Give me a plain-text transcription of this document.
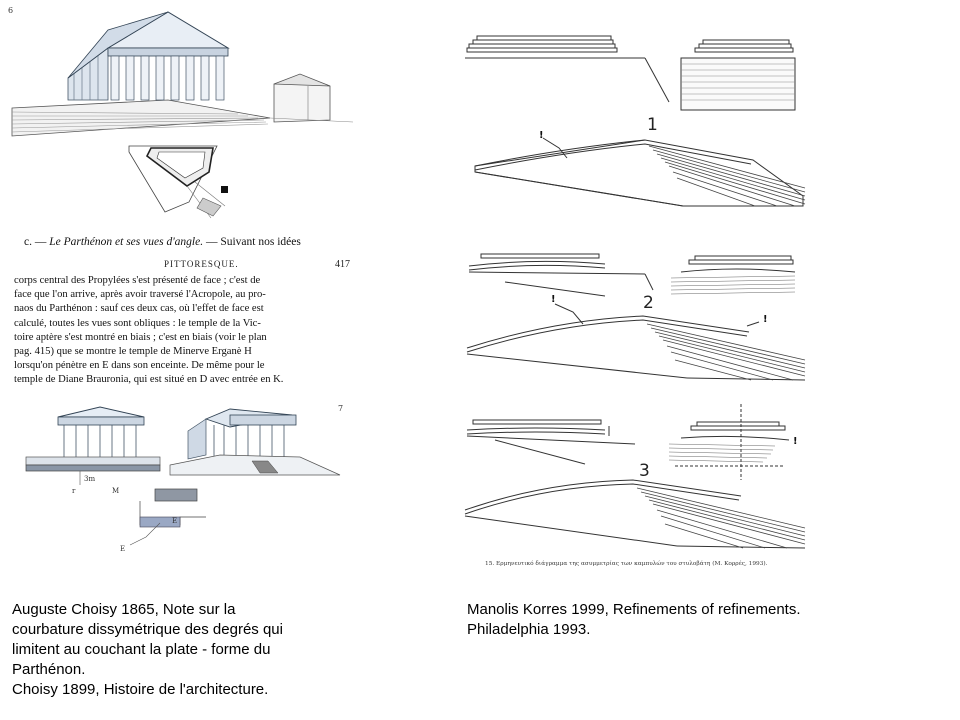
6
c. — Le Parthénon et ses vues d'angle. — Suivant nos idées
PITTORESQUE.	417

corps central des Propylées s'est présenté de face ; c'est de

face que l'on arrive, après avoir traversé l'Acropole, au pro-

naos du Parthénon : sauf ces deux cas, où l'effet de face est

calculé, toutes les vues sont obliques : le temple de la Vic-

toire aptère s'est montré en biais ; c'est en biais (voir le plan

pag. 415) que se montre le temple de Minerve Erganè H

lorsqu'on pénètre en E dans son enceinte. De même pour le

temple de Diane Brauronia, qui est situé en D avec entrée en K.

7
3m
r	M
E
E
1
!
2
!
!
!
3
15. Ερμηνευτικό διάγραμμα της ασυμμετρίας των καμπυλών του στυλοβάτη (Μ. Κορρές, 1993).
Auguste Choisy 1865, Note sur la
courbature dissymétrique des degrés qui
limitent au couchant la plate - forme du
Parthénon.
Choisy 1899, Histoire de l'architecture.
Manolis Korres 1999, Refinements of refinements.
Philadelphia 1993.
